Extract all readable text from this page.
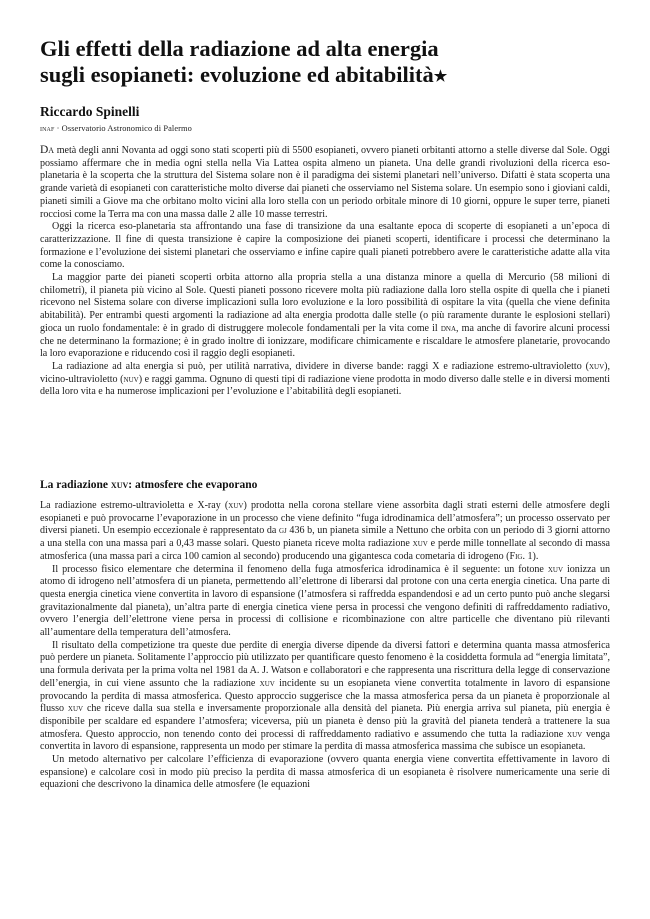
Gli effetti della radiazione ad alta energia
sugli esopianeti: evoluzione ed abitabilità★
Riccardo Spinelli
inaf · Osservatorio Astronomico di Palermo

Da metà degli anni Novanta ad oggi sono stati scoperti più di 5500 esopianeti, ovvero pianeti orbitanti attorno a stelle diverse dal Sole. Oggi possiamo affermare che in media ogni stella nella Via Lattea ospita almeno un pianeta. Una delle grandi rivoluzioni della ricerca eso-planetaria è la scoperta che la struttura del Sistema solare non è il paradigma dei sistemi planetari nell’universo. Difatti è stata scoperta una grande varietà di esopianeti con caratteristiche molto diverse dai pianeti che osserviamo nel Sistema solare. Un esempio sono i gioviani caldi, pianeti simili a Giove ma che orbitano molto vicini alla loro stella con un periodo orbitale minore di 10 giorni, oppure le super terre, pianeti rocciosi come la Terra ma con una massa dalle 2 alle 10 masse terrestri.

Oggi la ricerca eso-planetaria sta affrontando una fase di transizione da una esaltante epoca di scoperte di esopianeti a un’epoca di caratterizzazione. Il fine di questa transizione è capire la composizione dei pianeti scoperti, identificare i processi che determinano la formazione e l’evoluzione dei sistemi planetari che osserviamo e infine capire quali pianeti potrebbero avere le caratteristiche adatte alla vita come la conosciamo.

La maggior parte dei pianeti scoperti orbita attorno alla propria stella a una distanza minore a quella di Mercurio (58 milioni di chilometri), il pianeta più vicino al Sole. Questi pianeti possono ricevere molta più radiazione dalla loro stella ospite di quella che i pianeti ricevono nel Sistema solare con diverse implicazioni sulla loro evoluzione e la loro possibilità di ospitare la vita (quella che viene definita abitabilità). Per entrambi questi argomenti la radiazione ad alta energia prodotta dalle stelle (o più raramente durante le esplosioni stellari) gioca un ruolo fondamentale: è in grado di distruggere molecole fondamentali per la vita come il dna, ma anche di favorire alcuni processi che ne determinano la formazione; è in grado inoltre di ionizzare, modificare chimicamente e riscaldare le atmosfere planetarie, provocando la loro evaporazione e riducendo così il raggio degli esopianeti.

La radiazione ad alta energia si può, per utilità narrativa, dividere in diverse bande: raggi X e radiazione estremo-ultravioletto (xuv), vicino-ultravioletto (nuv) e raggi gamma. Ognuno di questi tipi di radiazione viene prodotta in modo diverso dalle stelle e in diversi momenti della loro vita e ha numerose implicazioni per l’evoluzione e l’abitabilità degli esopianeti.

La radiazione xuv: atmosfere che evaporano

La radiazione estremo-ultravioletta e X-ray (xuv) prodotta nella corona stellare viene assorbita dagli strati esterni delle atmosfere degli esopianeti e può provocarne l’evaporazione in un processo che viene definito “fuga idrodinamica dell’atmosfera”; un processo osservato per diversi pianeti. Un esempio eccezionale è rappresentato da gj 436 b, un pianeta simile a Nettuno che orbita con un periodo di 3 giorni attorno a una stella con una massa pari a 0,43 masse solari. Questo pianeta riceve molta radiazione xuv e perde mille tonnellate al secondo di massa atmosferica (una massa pari a circa 100 camion al secondo) producendo una gigantesca coda cometaria di idrogeno (Fig. 1).

Il processo fisico elementare che determina il fenomeno della fuga atmosferica idrodinamica è il seguente: un fotone xuv ionizza un atomo di idrogeno nell’atmosfera di un pianeta, permettendo all’elettrone di liberarsi dal protone con una certa energia cinetica. Una parte di questa energia cinetica viene convertita in lavoro di espansione (l’atmosfera si raffredda espandendosi e ad un certo punto può anche slegarsi gravitazionalmente dal pianeta), un’altra parte di energia cinetica viene persa in processi che vengono definiti di raffreddamento radiativo, ovvero l’energia dell’elettrone viene persa in processi di collisione e ricombinazione con altre particelle che diventano più rilevanti all’aumentare della temperatura dell’atmosfera.

Il risultato della competizione tra queste due perdite di energia diverse dipende da diversi fattori e determina quanta massa atmosferica può perdere un pianeta. Solitamente l’approccio più utilizzato per quantificare questo fenomeno è la cosiddetta formula ad “energia limitata”, una formula derivata per la prima volta nel 1981 da A. J. Watson e collaboratori e che rappresenta una riscrittura della legge di conservazione dell’energia, in cui viene assunto che la radiazione xuv incidente su un esopianeta viene convertita totalmente in lavoro di espansione provocando la perdita di massa atmosferica. Questo approccio suggerisce che la massa atmosferica persa da un pianeta è proporzionale al flusso xuv che riceve dalla sua stella e inversamente proporzionale alla densità del pianeta. Più energia arriva sul pianeta, più energia è disponibile per scaldare ed espandere l’atmosfera; viceversa, più un pianeta è denso più la gravità del pianeta tenderà a trattenere la sua atmosfera. Questo approccio, non tenendo conto dei processi di raffreddamento radiativo e assumendo che tutta la radiazione xuv venga convertita in lavoro di espansione, rappresenta un modo per stimare la perdita di massa atmosferica massima che subisce un esopianeta.

Un metodo alternativo per calcolare l’efficienza di evaporazione (ovvero quanta energia viene convertita effettivamente in lavoro di espansione) e calcolare così in modo più preciso la perdita di massa atmosferica di un esopianeta è risolvere numericamente una serie di equazioni che descrivono la dinamica delle atmosfere (le equazioni
